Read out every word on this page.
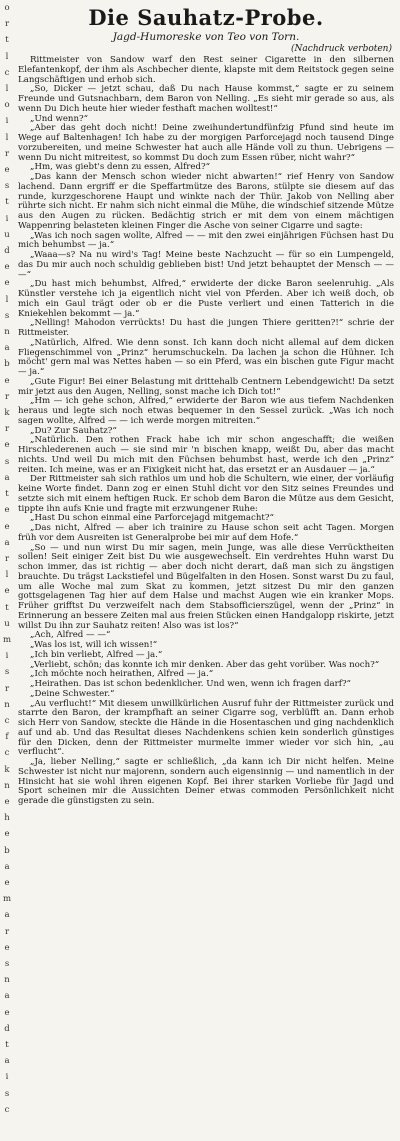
o
r
t
l
c
l
o
i
l
r
e
s
t
i
u
d
e
e
l
s
n
a
b
e
r
k
r
e
s
a
t
e
e
a
r
l
e
t
u
m
i
s
r
n
c
f
c
k
n
e
h
e
b
a
e
m
a
r
e
s
n
a
e
d
t
a
i
s
c
Die Sauhatz-Probe.
Jagd-Humoreske von Teo von Torn.
(Nachdruck verboten)

Rittmeister von Sandow warf den Rest seiner Cigarette in den silbernen Elefantenkopf, der ihm als Aschbecher diente, klapste mit dem Reitstock gegen seine Langschäftigen und erhob sich.

„So, Dicker — jetzt schau, daß Du nach Hause kommst,“ sagte er zu seinem Freunde und Gutsnachbarn, dem Baron von Nelling. „Es sieht mir gerade so aus, als wenn Du Dich heute hier wieder festhaft machen wolltest!“

„Und wenn?“

„Aber das geht doch nicht! Deine zweihundertundfünfzig Pfund sind heute im Wege auf Baltenhagen! Ich habe zu der morgigen Parforcejagd noch tausend Dinge vorzubereiten, und meine Schwester hat auch alle Hände voll zu thun. Uebrigens — wenn Du nicht mitreitest, so kommst Du doch zum Essen rüber, nicht wahr?“

„Hm, was giebt's denn zu essen, Alfred?“

„Das kann der Mensch schon wieder nicht abwarten!“ rief Henry von Sandow lachend. Dann ergriff er die Speffartmütze des Barons, stülpte sie diesem auf das runde, kurzgeschorene Haupt und winkte nach der Thür. Jakob von Nelling aber rührte sich nicht. Er nahm sich nicht einmal die Mühe, die windschief sitzende Mütze aus den Augen zu rücken. Bedächtig strich er mit dem von einem mächtigen Wappenring belasteten kleinen Finger die Asche von seiner Cigarre und sagte:

„Was ich noch sagen wollte, Alfred — — mit den zwei einjährigen Füchsen hast Du mich behumbst — ja.“

„Waaa—s? Na nu wird's Tag! Meine beste Nachzucht — für so ein Lumpengeld, das Du mir auch noch schuldig geblieben bist! Und jetzt behauptet der Mensch — — —“

„Du hast mich behumbst, Alfred,“ erwiderte der dicke Baron seelenruhig. „Als Künstler verstehe ich ja eigentlich nicht viel von Pferden. Aber ich weiß doch, ob mich ein Gaul trägt oder ob er die Puste verliert und einen Tatterich in die Kniekehlen bekommt — ja.“

„Nelling! Mahodon verrückts! Du hast die jungen Thiere geritten?!“ schrie der Rittmeister.

„Natürlich, Alfred. Wie denn sonst. Ich kann doch nicht allemal auf dem dicken Fliegenschimmel von „Prinz“ herumschuckeln. Da lachen ja schon die Hühner. Ich möcht' gern mal was Nettes haben — so ein Pferd, was ein bischen gute Figur macht — ja.“

„Gute Figur! Bei einer Belastung mit drittehalb Centnern Lebendgewicht! Da setzt mir jetzt aus den Augen, Nelling, sonst mache ich Dich tot!“

„Hm — ich gehe schon, Alfred,“ erwiderte der Baron wie aus tiefem Nachdenken heraus und legte sich noch etwas bequemer in den Sessel zurück. „Was ich noch sagen wollte, Alfred — — ich werde morgen mitreiten.“

„Du? Zur Sauhatz?“

„Natürlich. Den rothen Frack habe ich mir schon angeschafft; die weißen Hirschlederenen auch — sie sind mir 'n bischen knapp, weißt Du, aber das macht nichts. Und weil Du mich mit den Füchsen behumbst hast, werde ich den „Prinz“ reiten. Ich meine, was er an Fixigkeit nicht hat, das ersetzt er an Ausdauer — ja.“

Der Rittmeister sah sich rathlos um und hob die Schultern, wie einer, der vorläufig keine Worte findet. Dann zog er einen Stuhl dicht vor den Sitz seines Freundes und setzte sich mit einem heftigen Ruck. Er schob dem Baron die Mütze aus dem Gesicht, tippte ihn aufs Knie und fragte mit erzwungener Ruhe:

„Hast Du schon einmal eine Parforcejagd mitgemacht?“

„Das nicht, Alfred — aber ich trainire zu Hause schon seit acht Tagen. Morgen früh vor dem Ausreiten ist Generalprobe bei mir auf dem Hofe.“

„So — und nun wirst Du mir sagen, mein Junge, was alle diese Verrücktheiten sollen! Seit einiger Zeit bist Du wie ausgewechselt. Ein verdrehtes Huhn warst Du schon immer, das ist richtig — aber doch nicht derart, daß man sich zu ängstigen brauchte. Du trägst Lackstiefel und Bügelfalten in den Hosen. Sonst warst Du zu faul, um alle Woche mal zum Skat zu kommen, jetzt sitzest Du mir den ganzen gottsgelagenen Tag hier auf dem Halse und machst Augen wie ein kranker Mops. Früher grifftst Du verzweifelt nach dem Stabsofficierszügel, wenn der „Prinz“ in Erinnerung an bessere Zeiten mal aus freien Stücken einen Handgalopp riskirte, jetzt willst Du ihn zur Sauhatz reiten! Also was ist los?“

„Ach, Alfred — —“

„Was los ist, will ich wissen!“

„Ich bin verliebt, Alfred — ja.“

„Verliebt, schön; das konnte ich mir denken. Aber das geht vorüber. Was noch?“

„Ich möchte noch heirathen, Alfred — ja.“

„Heirathen. Das ist schon bedenklicher. Und wen, wenn ich fragen darf?“

„Deine Schwester.“

„Au verflucht!“ Mit diesem unwillkürlichen Ausruf fuhr der Rittmeister zurück und starrte den Baron, der krampfhaft an seiner Cigarre sog, verblüfft an. Dann erhob sich Herr von Sandow, steckte die Hände in die Hosentaschen und ging nachdenklich auf und ab. Und das Resultat dieses Nachdenkens schien kein sonderlich günstiges für den Dicken, denn der Rittmeister murmelte immer wieder vor sich hin, „au verflucht“.

„Ja, lieber Nelling,“ sagte er schließlich, „da kann ich Dir nicht helfen. Meine Schwester ist nicht nur majorenn, sondern auch eigensinnig — und namentlich in der Hinsicht hat sie wohl ihren eigenen Kopf. Bei ihrer starken Vorliebe für Jagd und Sport scheinen mir die Aussichten Deiner etwas commoden Persönlichkeit nicht gerade die günstigsten zu sein.
